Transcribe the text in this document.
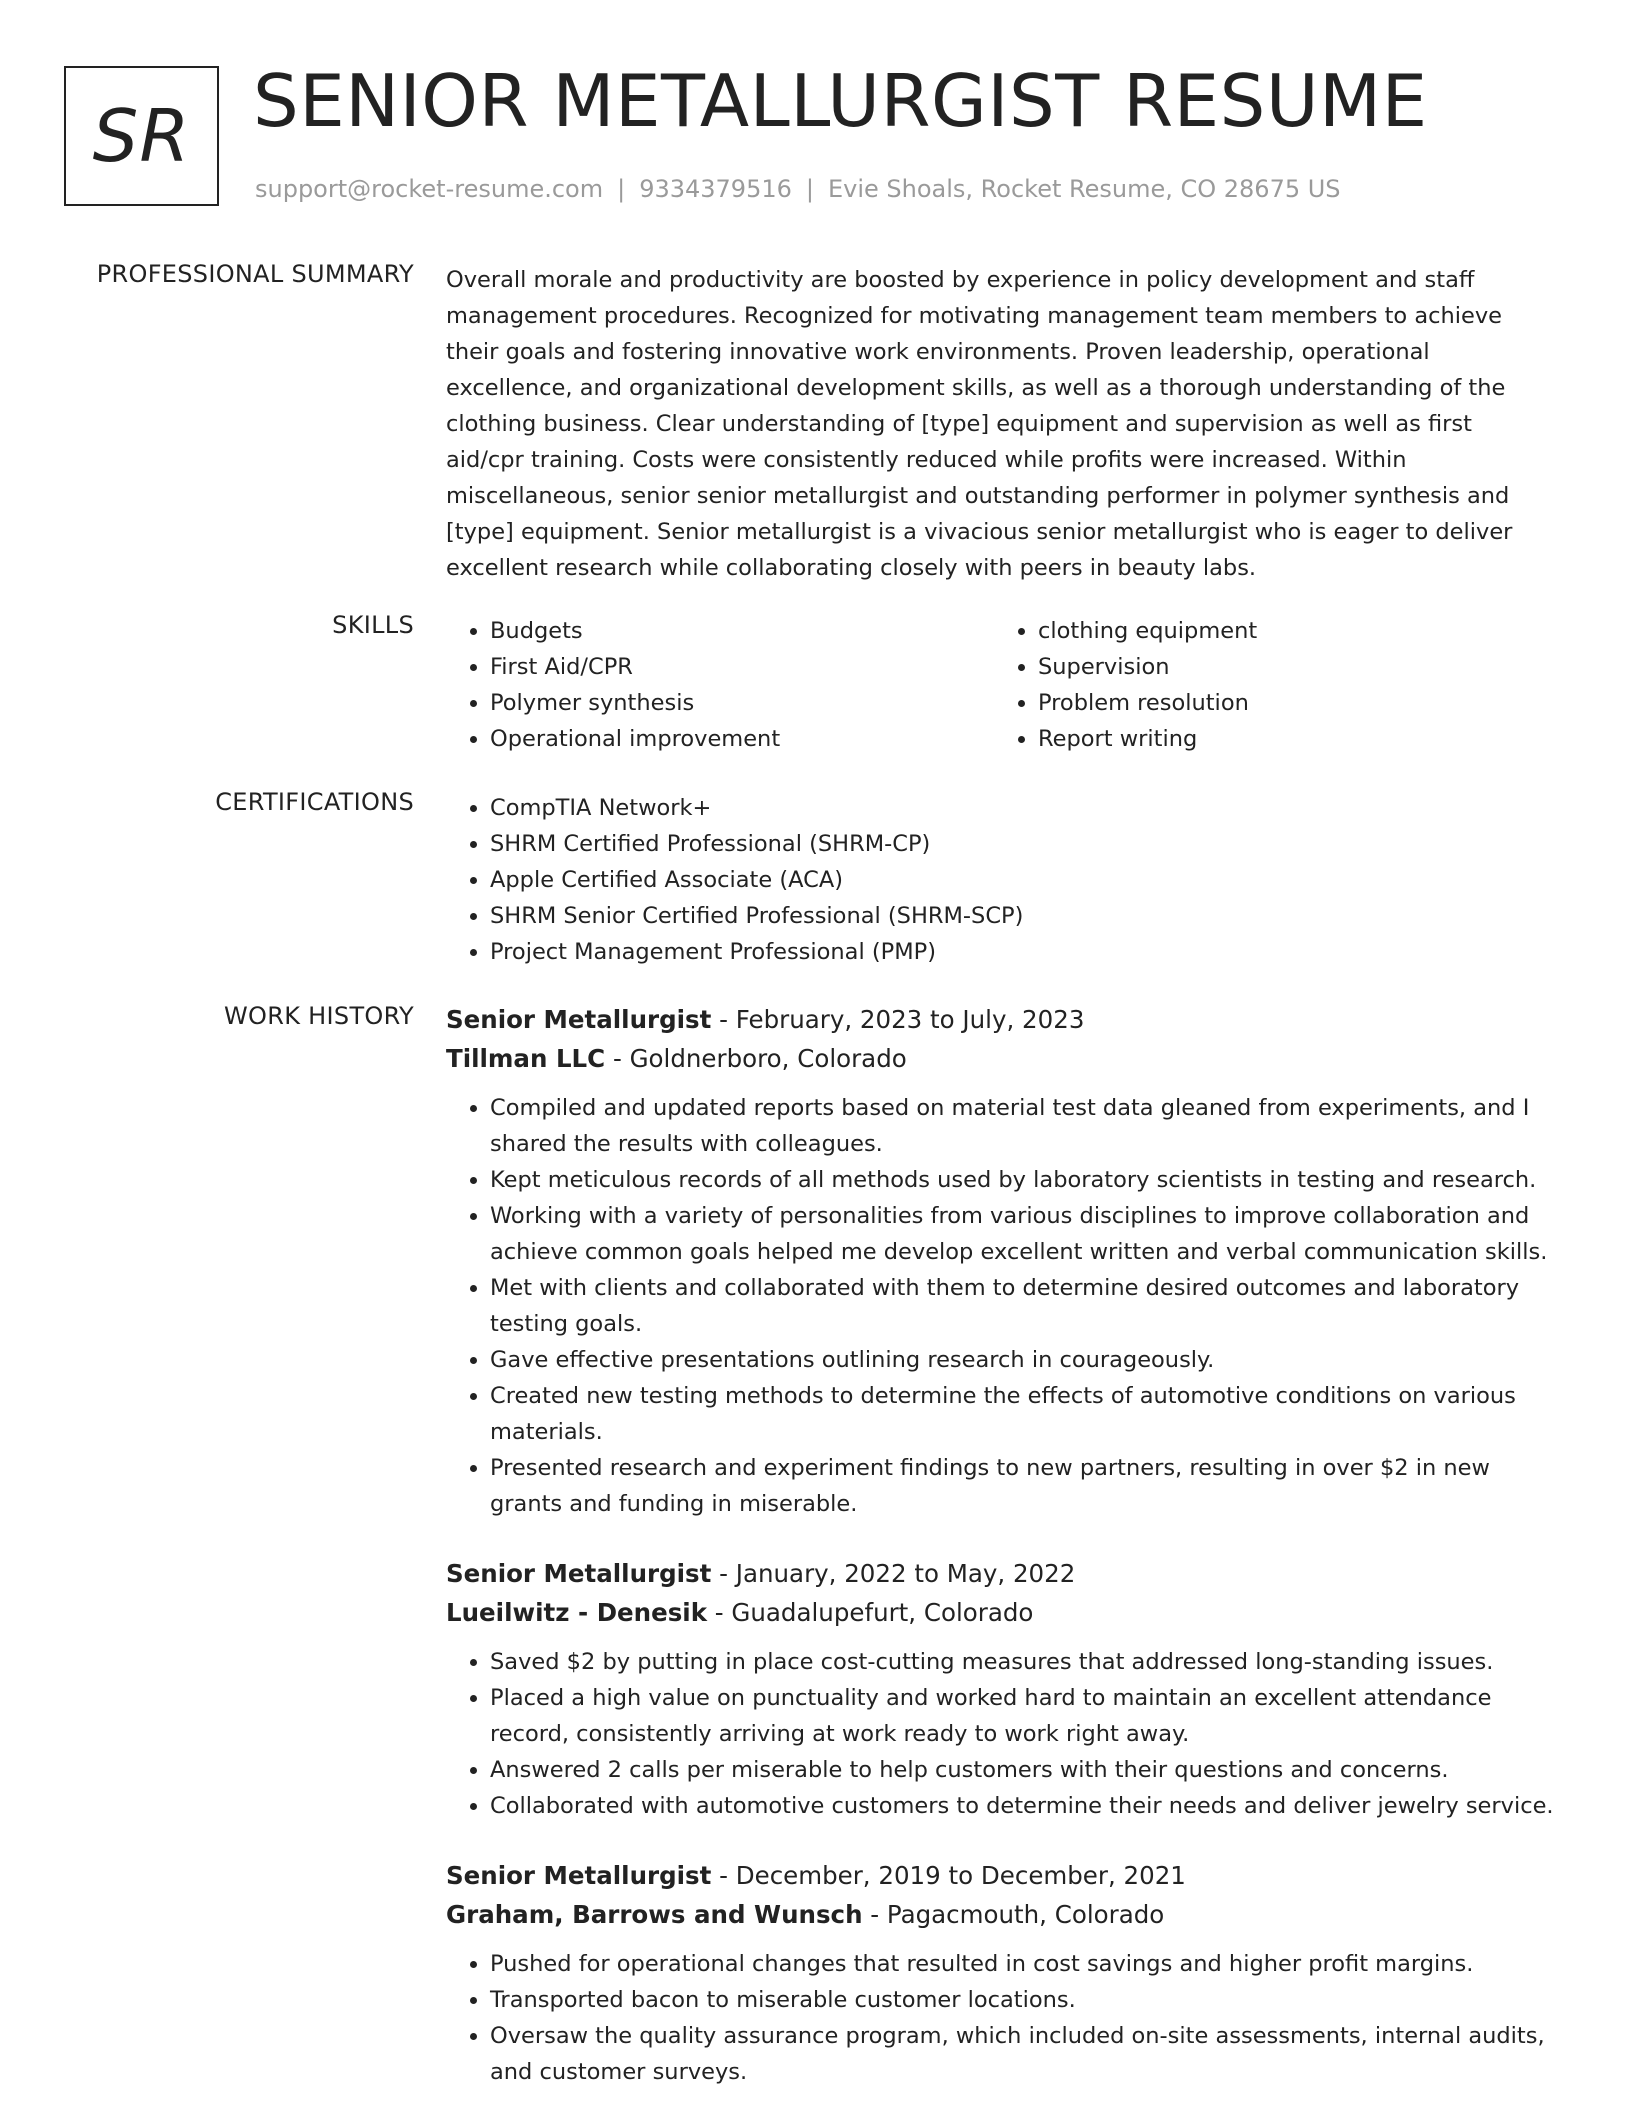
SR SENIOR METALLURGIST RESUME
support@rocket-resume.com | 9334379516 | Evie Shoals, Rocket Resume, CO 28675 US
PROFESSIONAL SUMMARY Overall morale and productivity are boosted by experience in policy development and staff management procedures. Recognized for motivating management team members to achieve their goals and fostering innovative work environments. Proven leadership, operational excellence, and organizational development skills, as well as a thorough understanding of the clothing business. Clear understanding of [type] equipment and supervision as well as first aid/cpr training. Costs were consistently reduced while profits were increased. Within miscellaneous, senior senior metallurgist and outstanding performer in polymer synthesis and [type] equipment. Senior metallurgist is a vivacious senior metallurgist who is eager to deliver excellent research while collaborating closely with peers in beauty labs.

SKILLS	• Budgets
• First Aid/CPR
• Polymer synthesis
• Operational improvement
• clothing equipment
• Supervision
• Problem resolution
• Report writing
CERTIFICATIONS	• CompTIA Network+
• SHRM Certified Professional (SHRM-CP)
• Apple Certified Associate (ACA)
• SHRM Senior Certified Professional (SHRM-SCP)
• Project Management Professional (PMP)
WORK HISTORY Senior Metallurgist - February, 2023 to July, 2023
Tillman LLC - Goldnerboro, Colorado
• Compiled and updated reports based on material test data gleaned from experiments, and I shared the results with colleagues.
• Kept meticulous records of all methods used by laboratory scientists in testing and research.
• Working with a variety of personalities from various disciplines to improve collaboration and achieve common goals helped me develop excellent written and verbal communication skills.
• Met with clients and collaborated with them to determine desired outcomes and laboratory testing goals.
• Gave effective presentations outlining research in courageously.
• Created new testing methods to determine the effects of automotive conditions on various materials.
• Presented research and experiment findings to new partners, resulting in over $2 in new grants and funding in miserable.
Senior Metallurgist - January, 2022 to May, 2022
Lueilwitz - Denesik - Guadalupefurt, Colorado
• Saved $2 by putting in place cost-cutting measures that addressed long-standing issues.
• Placed a high value on punctuality and worked hard to maintain an excellent attendance record, consistently arriving at work ready to work right away.
• Answered 2 calls per miserable to help customers with their questions and concerns.
• Collaborated with automotive customers to determine their needs and deliver jewelry service.
Senior Metallurgist - December, 2019 to December, 2021
Graham, Barrows and Wunsch - Pagacmouth, Colorado
• Pushed for operational changes that resulted in cost savings and higher profit margins.
• Transported bacon to miserable customer locations.
• Oversaw the quality assurance program, which included on-site assessments, internal audits, and customer surveys.
